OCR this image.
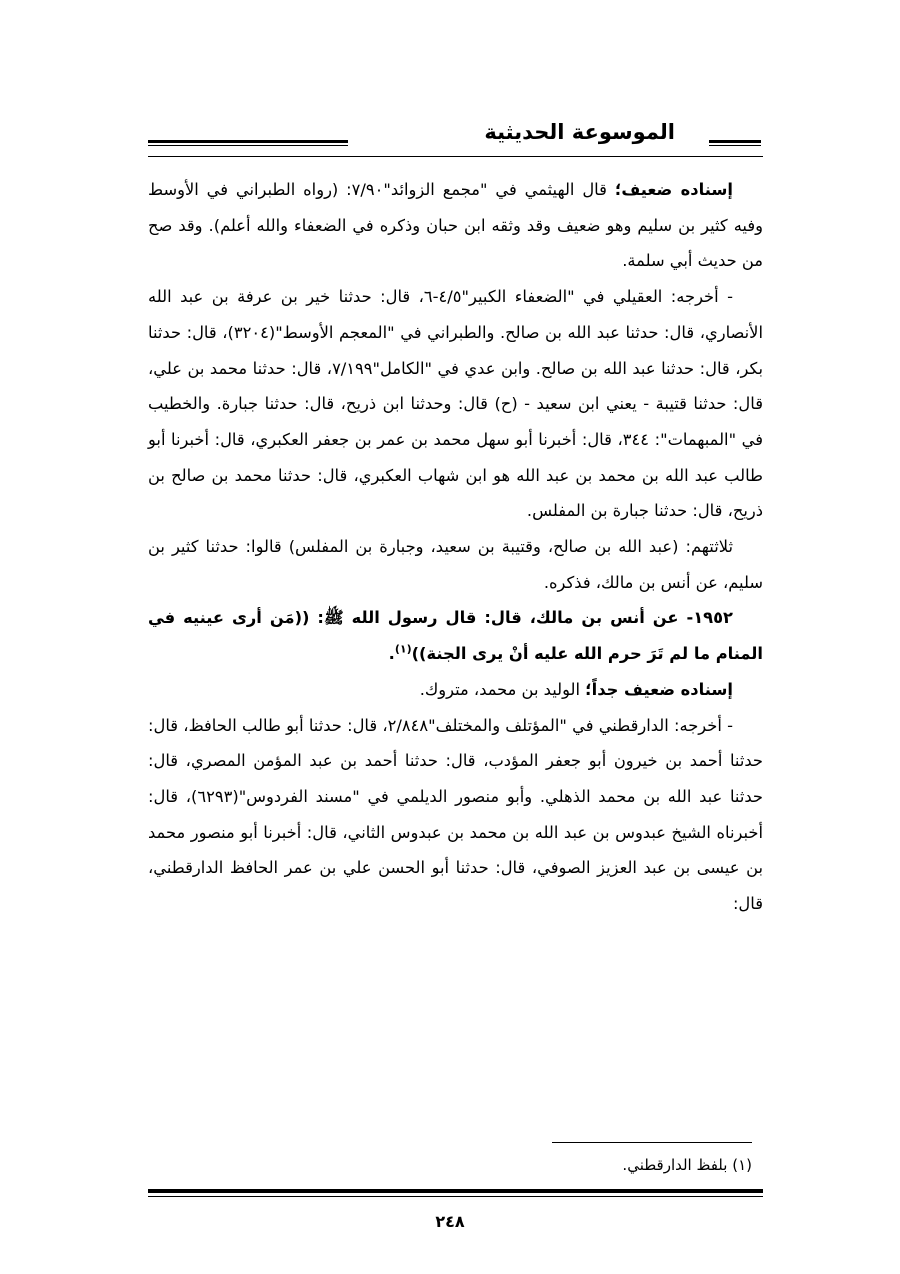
الموسوعة الحديثية

إسناده ضعيف؛ قال الهيثمي في "مجمع الزوائد"٧/٩٠: (رواه الطبراني في الأوسط وفيه كثير بن سليم وهو ضعيف وقد وثقه ابن حبان وذكره في الضعفاء والله أعلم). وقد صح من حديث أبي سلمة.

- أخرجه: العقيلي في "الضعفاء الكبير"٤/٥-٦، قال: حدثنا خير بن عرفة بن عبد الله الأنصاري، قال: حدثنا عبد الله بن صالح. والطبراني في "المعجم الأوسط"(٣٢٠٤)، قال: حدثنا بكر، قال: حدثنا عبد الله بن صالح. وابن عدي في "الكامل"٧/١٩٩، قال: حدثنا محمد بن علي، قال: حدثنا قتيبة - يعني ابن سعيد - (ح) قال: وحدثنا ابن ذريح، قال: حدثنا جبارة. والخطيب في "المبهمات": ٣٤٤، قال: أخبرنا أبو سهل محمد بن عمر بن جعفر العكبري، قال: أخبرنا أبو طالب عبد الله بن محمد بن عبد الله هو ابن شهاب العكبري، قال: حدثنا محمد بن صالح بن ذريح، قال: حدثنا جبارة بن المفلس.

ثلاثتهم: (عبد الله بن صالح، وقتيبة بن سعيد، وجبارة بن المفلس) قالوا: حدثنا كثير بن سليم، عن أنس بن مالك، فذكره.

١٩٥٢- عن أنس بن مالك، قال: قال رسول الله ﷺ: ((مَن أرى عينيه في المنام ما لم تَرَ حرم الله عليه أنْ يرى الجنة))$^{(١)}$.

إسناده ضعيف جداً؛ الوليد بن محمد، متروك.

- أخرجه: الدارقطني في "المؤتلف والمختلف"٢/٨٤٨، قال: حدثنا أبو طالب الحافظ، قال: حدثنا أحمد بن خيرون أبو جعفر المؤدب، قال: حدثنا أحمد بن عبد المؤمن المصري، قال: حدثنا عبد الله بن محمد الذهلي. وأبو منصور الديلمي في "مسند الفردوس"(٦٢٩٣)، قال: أخبرناه الشيخ عبدوس بن عبد الله بن محمد بن عبدوس الثاني، قال: أخبرنا أبو منصور محمد بن عيسى بن عبد العزيز الصوفي، قال: حدثنا أبو الحسن علي بن عمر الحافظ الدارقطني، قال:

(١) بلفظ الدارقطني.
٢٤٨
